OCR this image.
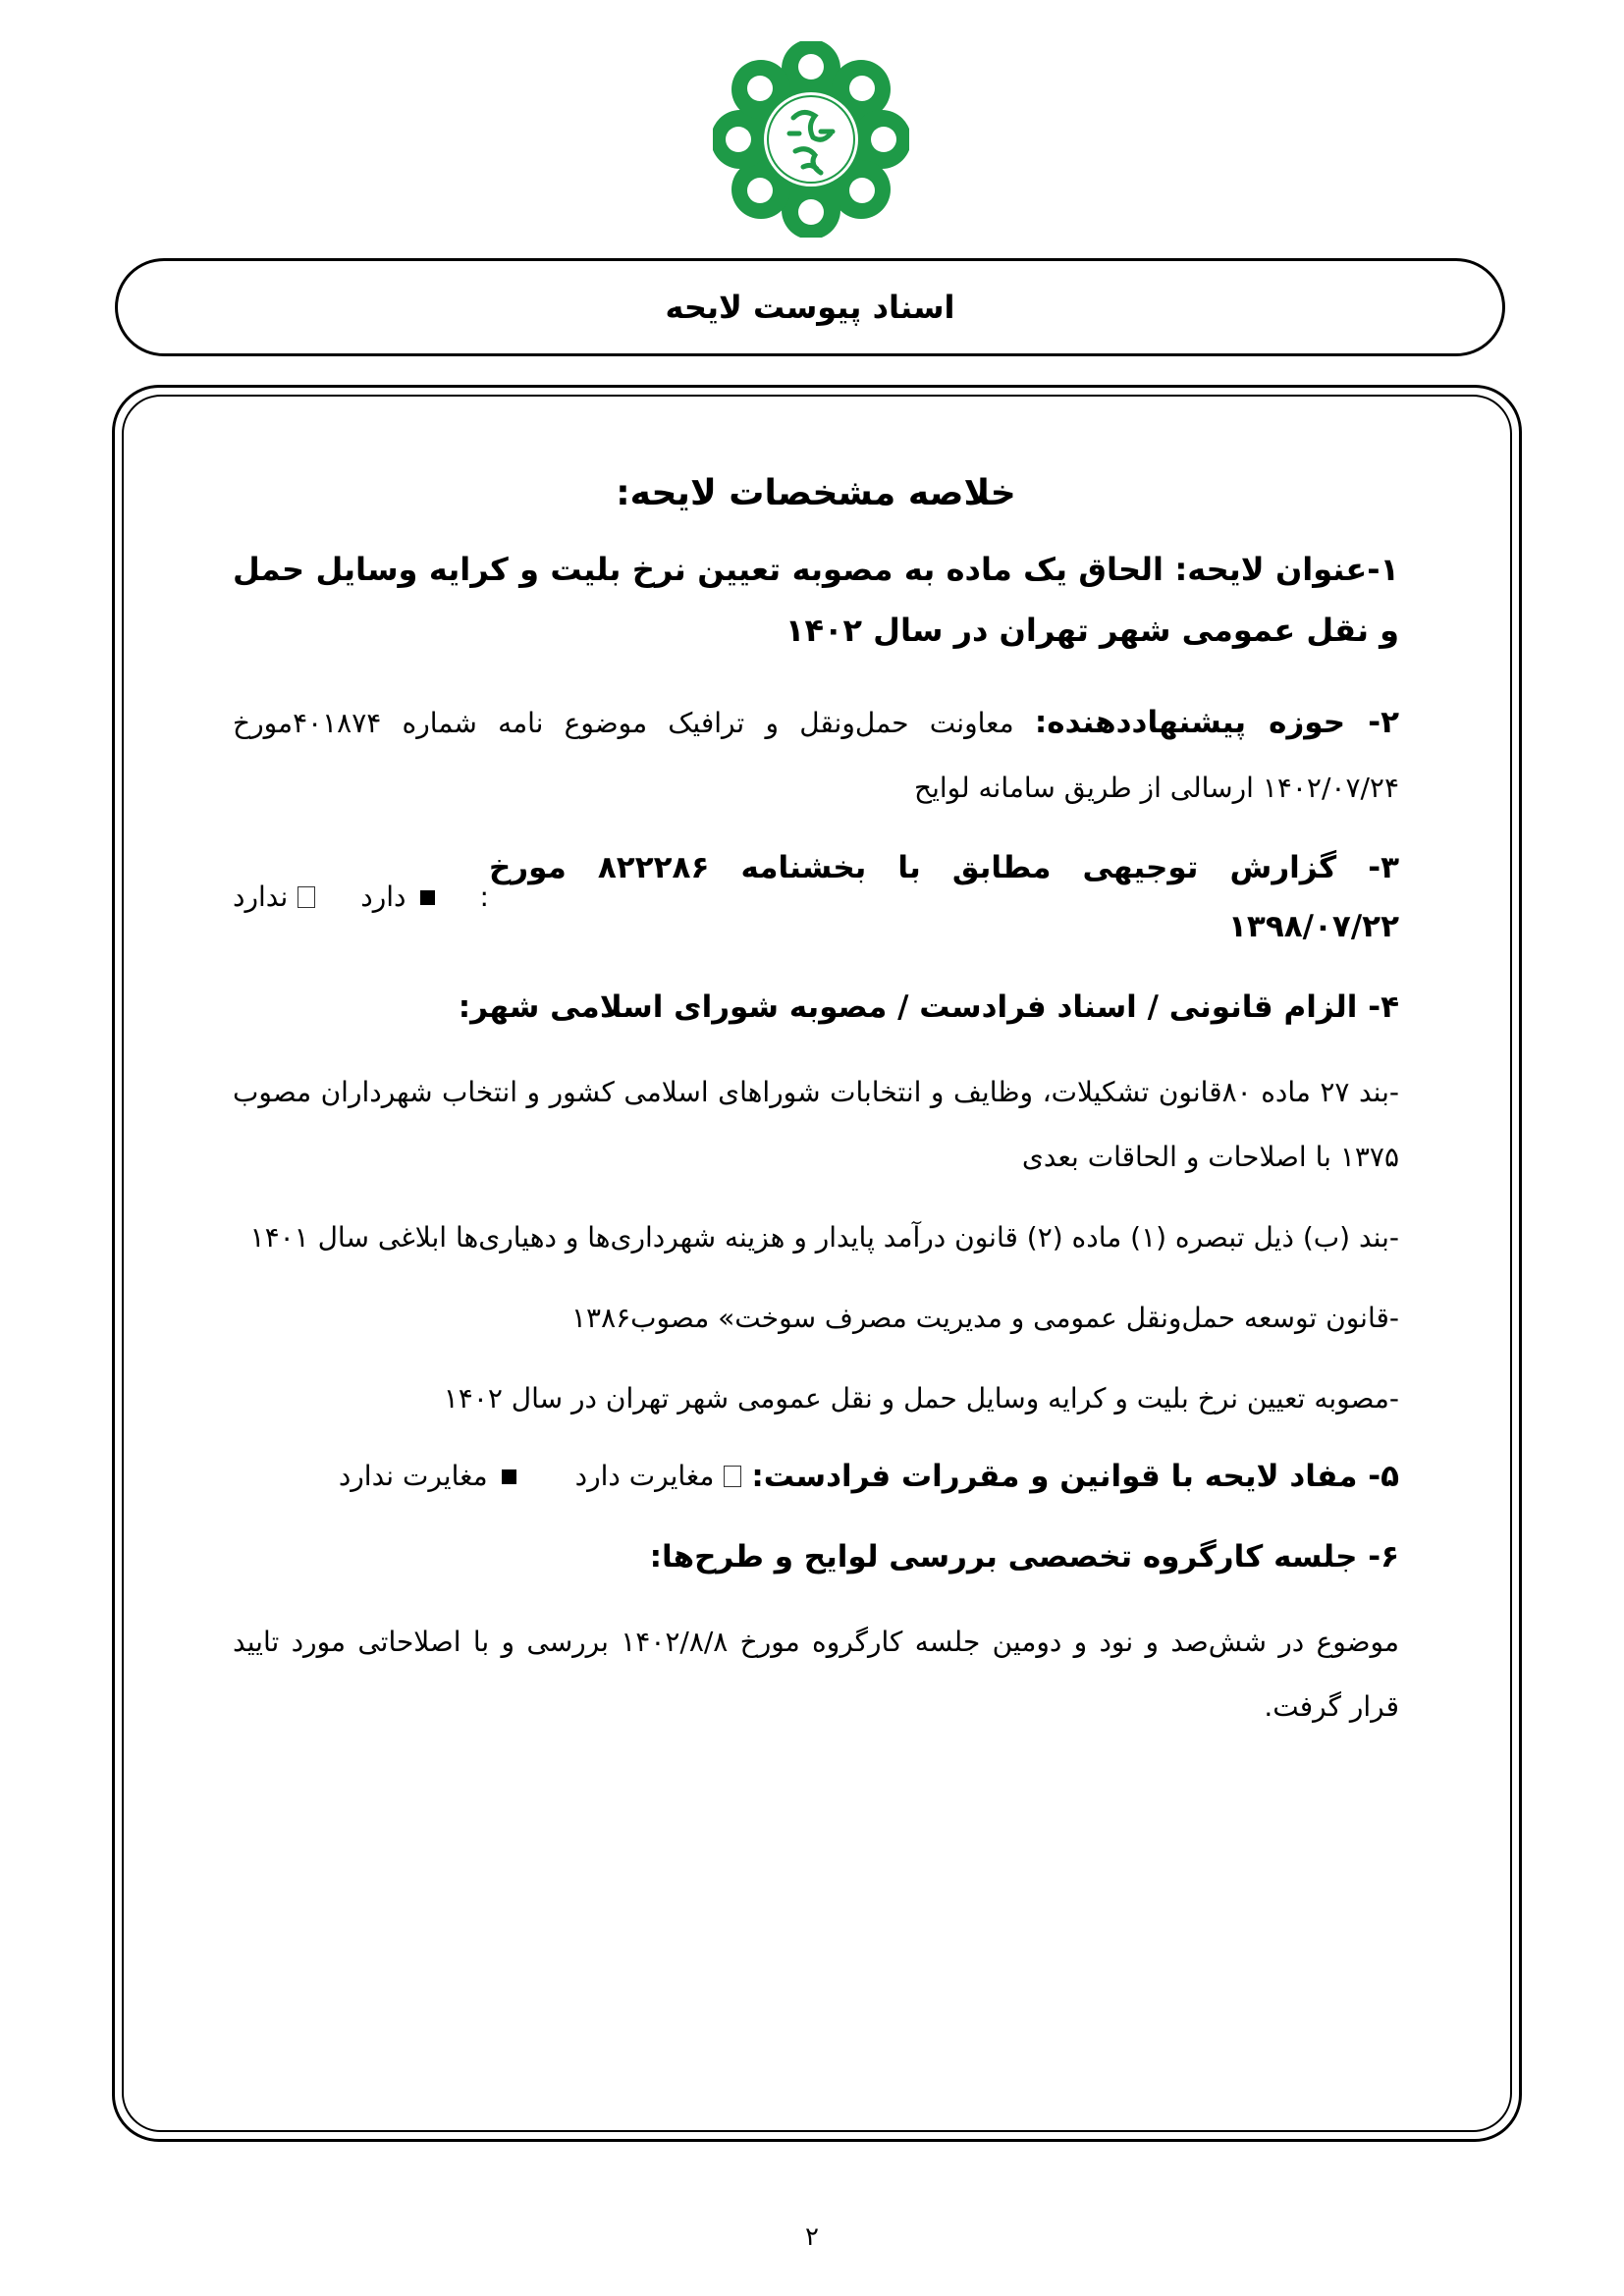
اسناد پیوست لایحه
خلاصه مشخصات لایحه:
۱-عنوان لایحه: الحاق یک ماده به مصوبه تعیین نرخ بلیت و کرایه وسایل حمل و نقل عمومی شهر تهران در سال ۱۴۰۲
۲- حوزه پیشنهاددهنده: معاونت حمل‌ونقل و ترافیک موضوع نامه شماره ۴۰۱۸۷۴مورخ ۱۴۰۲/۰۷/۲۴ ارسالی از طریق سامانه لوایح
۳- گزارش توجیهی مطابق با بخشنامه ۸۲۲۲۸۶ مورخ ۱۳۹۸/۰۷/۲۲
:
دارد
ندارد
۴- الزام قانونی / اسناد فرادست / مصوبه شورای اسلامی شهر:
-بند ۲۷ ماده ۸۰قانون تشکیلات، وظایف و انتخابات شوراهای اسلامی کشور و انتخاب شهرداران مصوب ۱۳۷۵ با اصلاحات و الحاقات بعدی
-بند (ب) ذیل تبصره (۱) ماده (۲) قانون درآمد پایدار و هزینه شهرداری‌ها و دهیاری‌ها ابلاغی سال ۱۴۰۱
-قانون توسعه حمل‌ونقل عمومی و مدیریت مصرف سوخت» مصوب۱۳۸۶
-مصوبه تعیین نرخ بلیت و کرایه وسایل حمل و نقل عمومی شهر تهران در سال ۱۴۰۲
۵- مفاد لایحه با قوانین و مقررات فرادست:
مغایرت دارد
مغایرت ندارد
۶- جلسه کارگروه تخصصی بررسی لوایح و طرح‌ها:
موضوع در شش‌صد و نود و دومین جلسه کارگروه مورخ ۱۴۰۲/۸/۸ بررسی و با اصلاحاتی مورد تایید قرار گرفت.
۲
